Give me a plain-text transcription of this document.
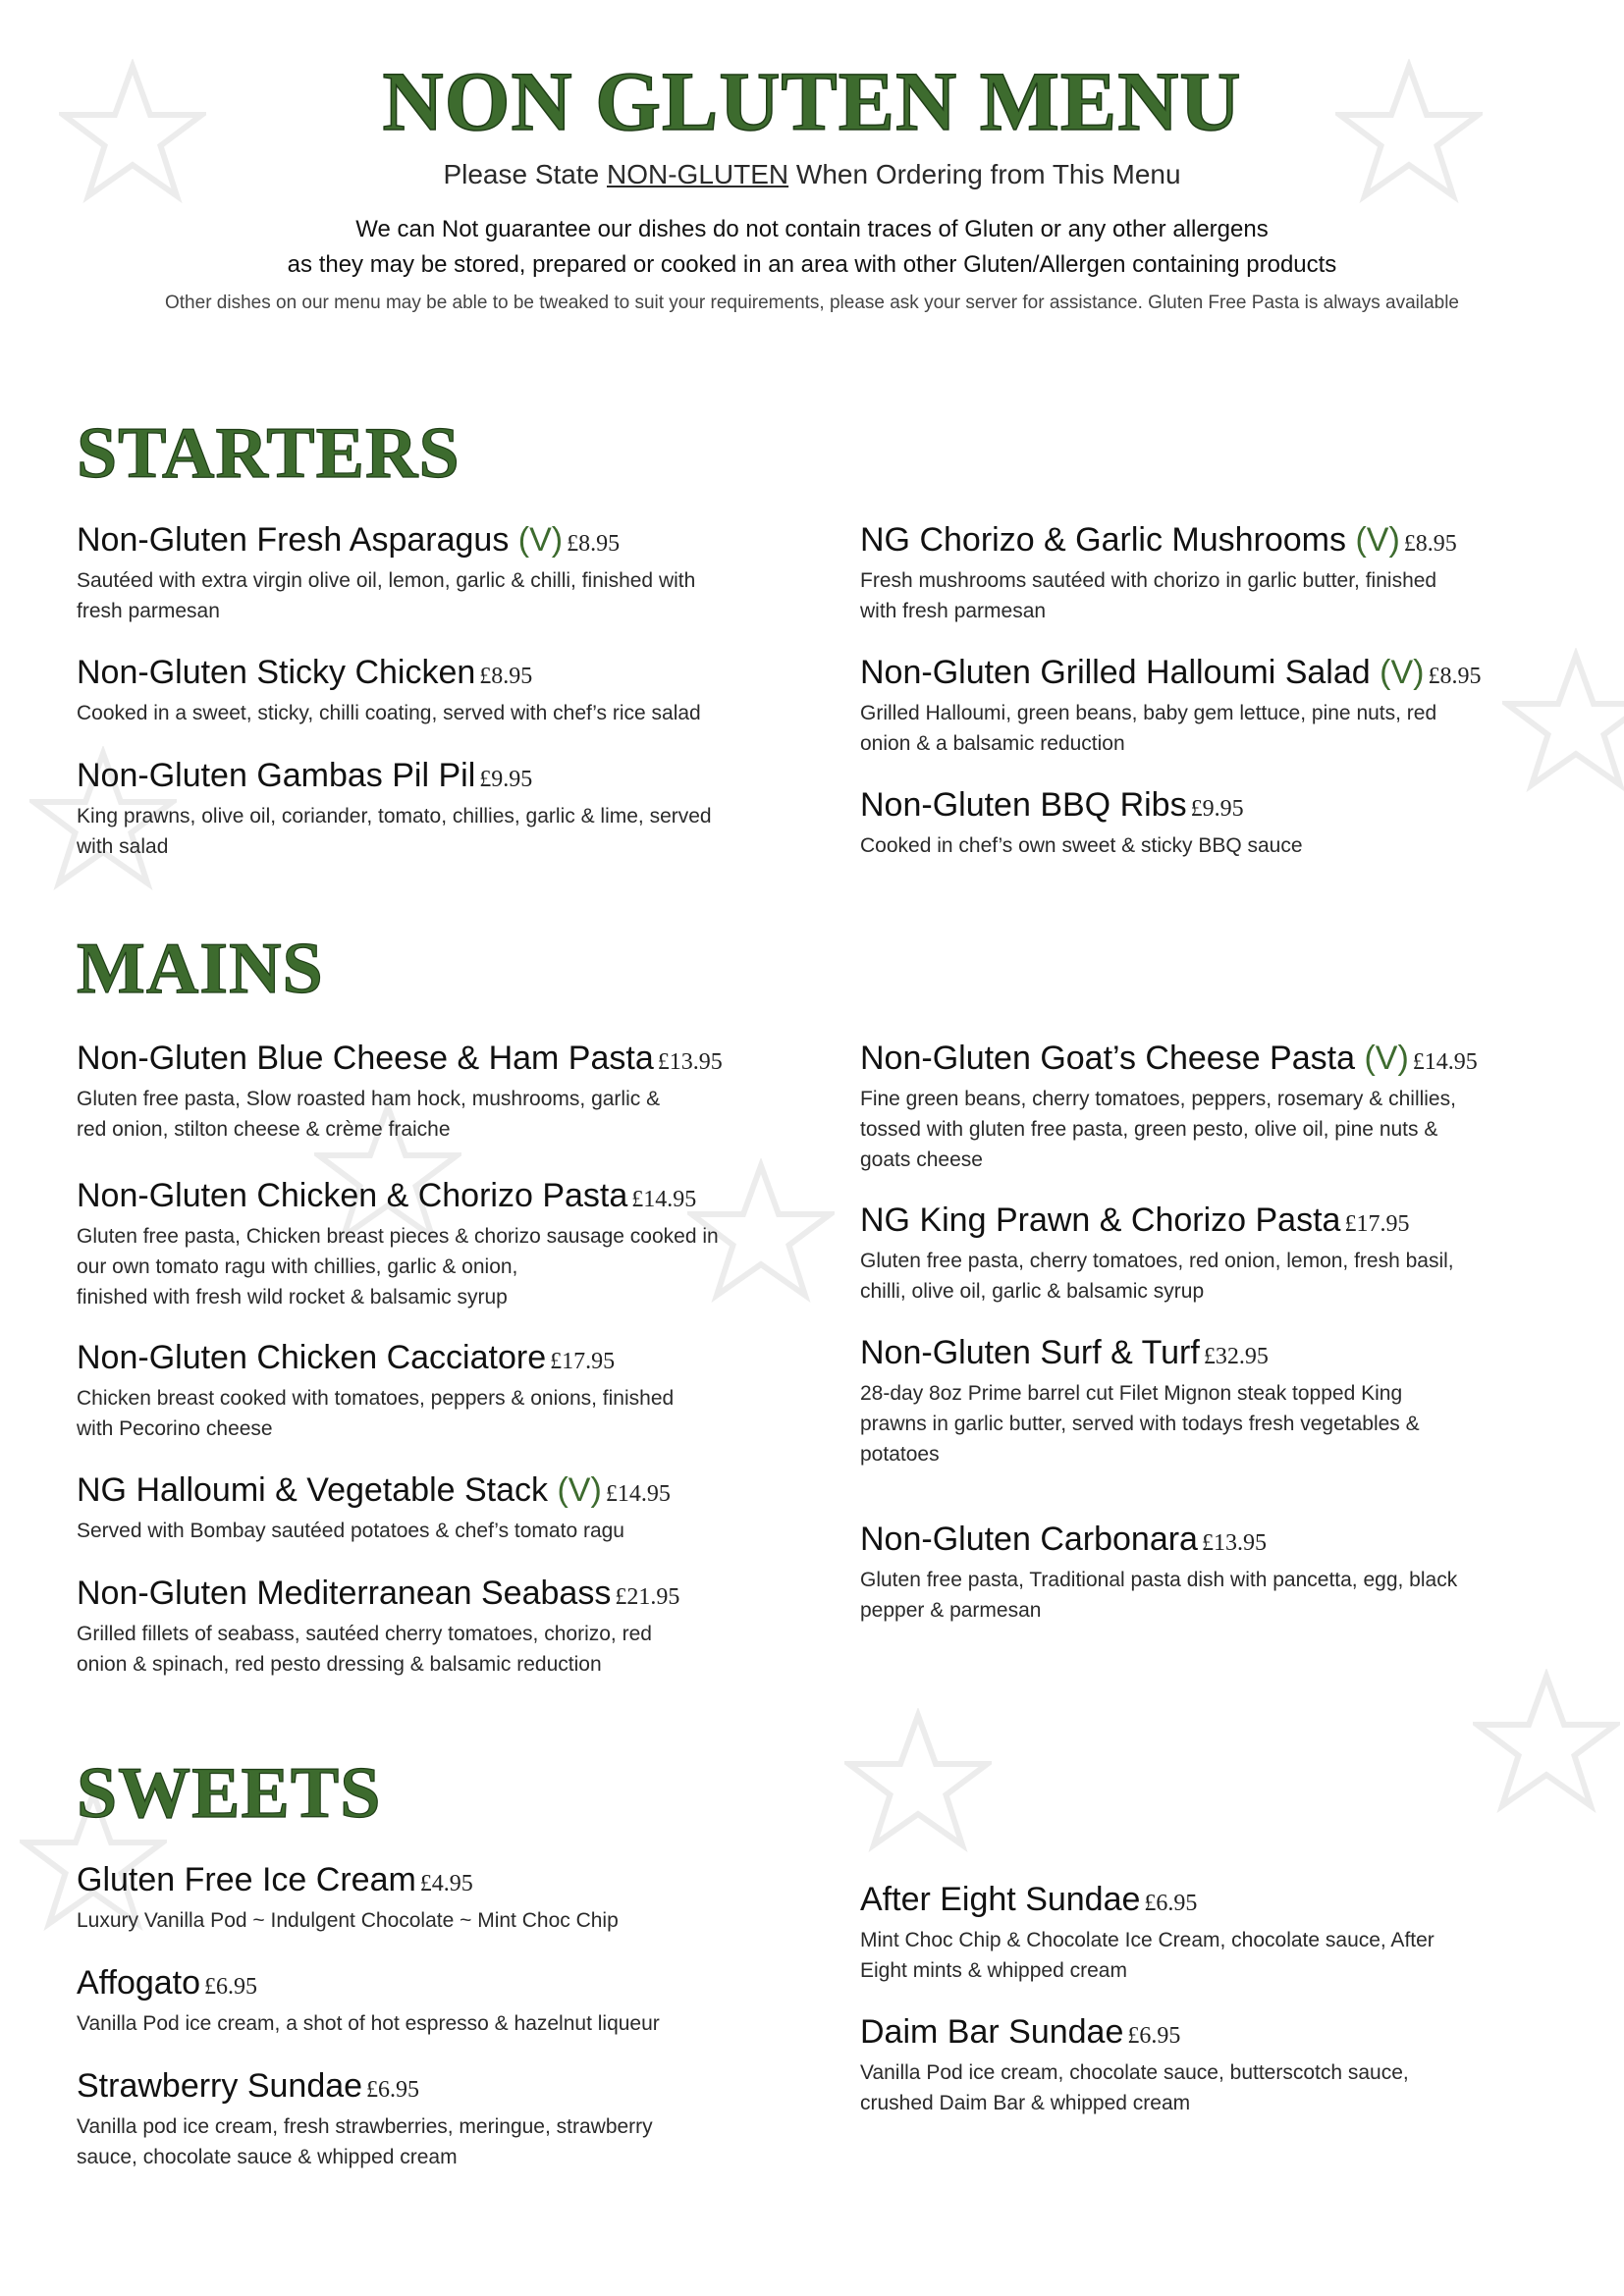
NON GLUTEN MENU
Please State NON-GLUTEN When Ordering from This Menu
We can Not guarantee our dishes do not contain traces of Gluten or any other allergens
as they may be stored, prepared or cooked in an area with other Gluten/Allergen containing products
Other dishes on our menu may be able to be tweaked to suit your requirements, please ask your server for assistance. Gluten Free Pasta is always available
STARTERS
Non-Gluten Fresh Asparagus (V) £8.95
Sautéed with extra virgin olive oil, lemon, garlic & chilli, finished with
fresh parmesan
Non-Gluten Sticky Chicken £8.95
Cooked in a sweet, sticky, chilli coating, served with chef’s rice salad
Non-Gluten Gambas Pil Pil £9.95
King prawns, olive oil, coriander, tomato, chillies, garlic & lime, served
with salad
NG Chorizo & Garlic Mushrooms (V) £8.95
Fresh mushrooms sautéed with chorizo in garlic butter, finished
with fresh parmesan
Non-Gluten Grilled Halloumi Salad (V) £8.95
Grilled Halloumi, green beans, baby gem lettuce, pine nuts, red
onion & a balsamic reduction
Non-Gluten BBQ Ribs £9.95
Cooked in chef’s own sweet & sticky BBQ sauce
MAINS
Non-Gluten Blue Cheese & Ham Pasta £13.95
Gluten free pasta, Slow roasted ham hock, mushrooms, garlic &
red onion, stilton cheese & crème fraiche
Non-Gluten Chicken & Chorizo Pasta £14.95
Gluten free pasta, Chicken breast pieces & chorizo sausage cooked in
our own tomato ragu with chillies, garlic & onion,
finished with fresh wild rocket & balsamic syrup
Non-Gluten Chicken Cacciatore £17.95
Chicken breast cooked with tomatoes, peppers & onions, finished
with Pecorino cheese
NG Halloumi & Vegetable Stack (V) £14.95
Served with Bombay sautéed potatoes & chef’s tomato ragu
Non-Gluten Mediterranean Seabass £21.95
Grilled fillets of seabass, sautéed cherry tomatoes, chorizo, red
onion & spinach, red pesto dressing & balsamic reduction
Non-Gluten Goat’s Cheese Pasta (V) £14.95
Fine green beans, cherry tomatoes, peppers, rosemary & chillies,
tossed with gluten free pasta, green pesto, olive oil, pine nuts &
goats cheese
NG King Prawn & Chorizo Pasta £17.95
Gluten free pasta, cherry tomatoes, red onion, lemon, fresh basil,
chilli, olive oil, garlic & balsamic syrup
Non-Gluten Surf & Turf £32.95
28-day 8oz Prime barrel cut Filet Mignon steak topped King
prawns in garlic butter, served with todays fresh vegetables &
potatoes
Non-Gluten Carbonara £13.95
Gluten free pasta, Traditional pasta dish with pancetta, egg, black
pepper & parmesan
SWEETS
Gluten Free Ice Cream £4.95
Luxury Vanilla Pod ~ Indulgent Chocolate ~ Mint Choc Chip
Affogato £6.95
Vanilla Pod ice cream, a shot of hot espresso & hazelnut liqueur
Strawberry Sundae £6.95
Vanilla pod ice cream, fresh strawberries, meringue, strawberry
sauce, chocolate sauce & whipped cream
After Eight Sundae £6.95
Mint Choc Chip & Chocolate Ice Cream, chocolate sauce, After
Eight mints & whipped cream
Daim Bar Sundae £6.95
Vanilla Pod ice cream, chocolate sauce, butterscotch sauce,
crushed Daim Bar & whipped cream
